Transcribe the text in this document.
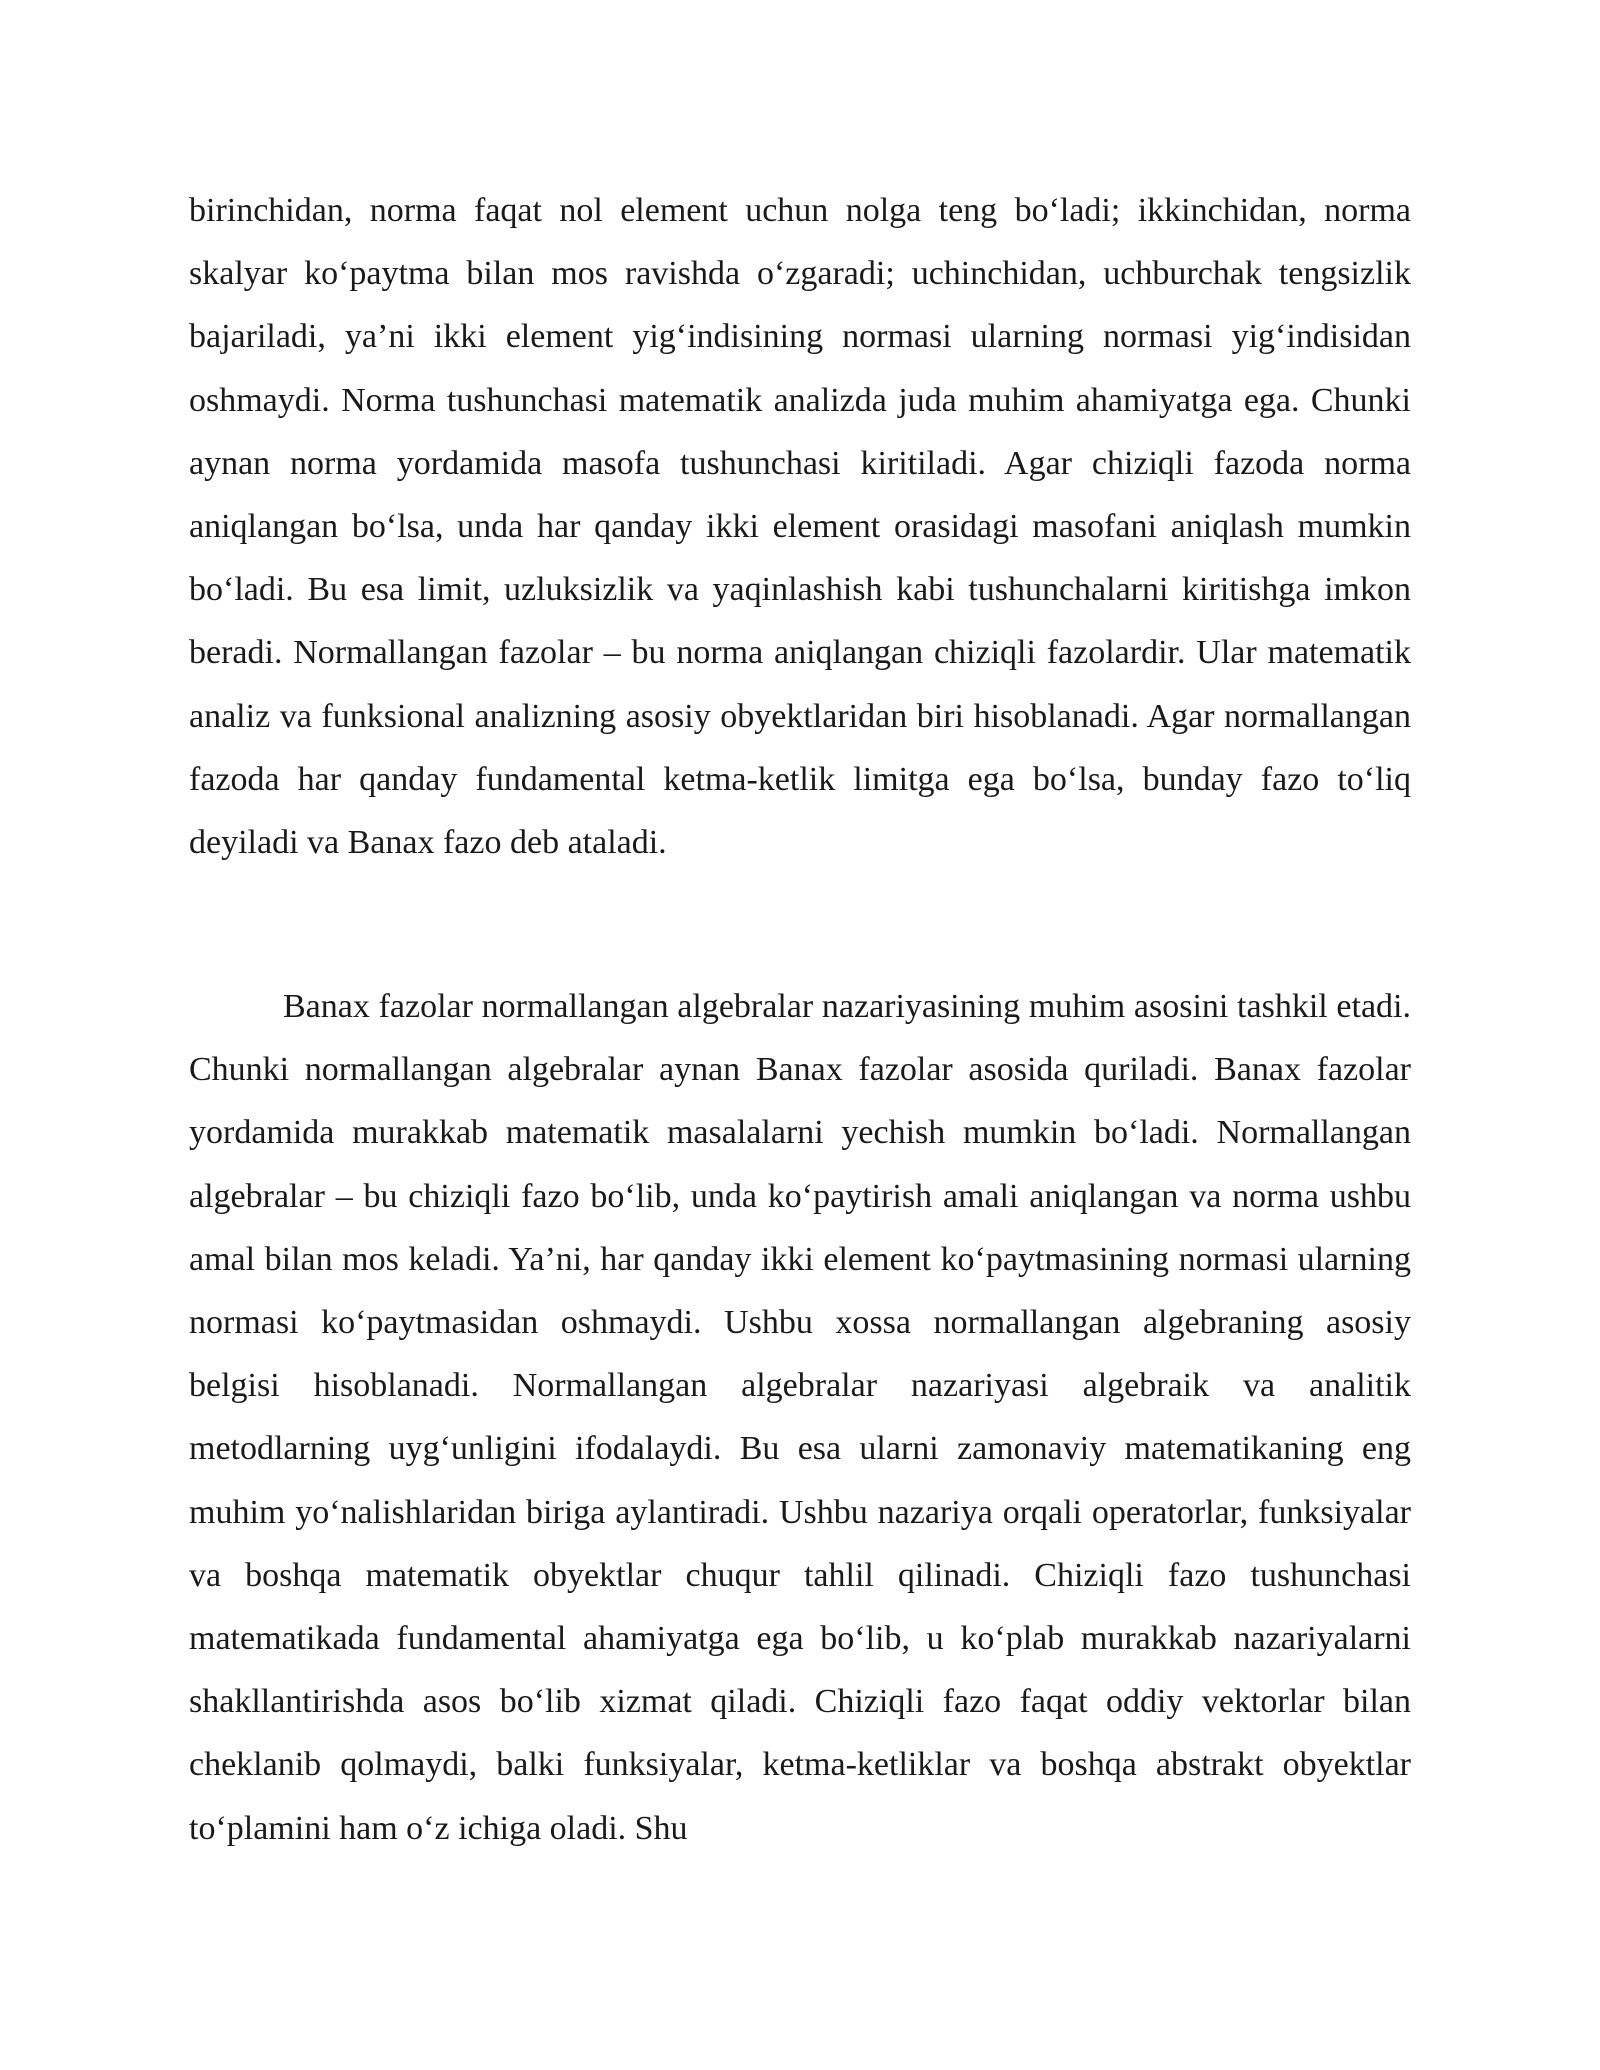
birinchidan, norma faqat nol element uchun nolga teng bo‘ladi; ikkinchidan, norma skalyar ko‘paytma bilan mos ravishda o‘zgaradi; uchinchidan, uchburchak tengsizlik bajariladi, ya’ni ikki element yig‘indisining normasi ularning normasi yig‘indisidan oshmaydi. Norma tushunchasi matematik analizda juda muhim ahamiyatga ega. Chunki aynan norma yordamida masofa tushunchasi kiritiladi. Agar chiziqli fazoda norma aniqlangan bo‘lsa, unda har qanday ikki element orasidagi masofani aniqlash mumkin bo‘ladi. Bu esa limit, uzluksizlik va yaqinlashish kabi tushunchalarni kiritishga imkon beradi. Normallangan fazolar – bu norma aniqlangan chiziqli fazolardir. Ular matematik analiz va funksional analizning asosiy obyektlaridan biri hisoblanadi. Agar normallangan fazoda har qanday fundamental ketma-ketlik limitga ega bo‘lsa, bunday fazo to‘liq deyiladi va Banax fazo deb ataladi.

Banax fazolar normallangan algebralar nazariyasining muhim asosini tashkil etadi. Chunki normallangan algebralar aynan Banax fazolar asosida quriladi. Banax fazolar yordamida murakkab matematik masalalarni yechish mumkin bo‘ladi. Normallangan algebralar – bu chiziqli fazo bo‘lib, unda ko‘paytirish amali aniqlangan va norma ushbu amal bilan mos keladi. Ya’ni, har qanday ikki element ko‘paytmasining normasi ularning normasi ko‘paytmasidan oshmaydi. Ushbu xossa normallangan algebraning asosiy belgisi hisoblanadi. Normallangan algebralar nazariyasi algebraik va analitik metodlarning uyg‘unligini ifodalaydi. Bu esa ularni zamonaviy matematikaning eng muhim yo‘nalishlaridan biriga aylantiradi. Ushbu nazariya orqali operatorlar, funksiyalar va boshqa matematik obyektlar chuqur tahlil qilinadi. Chiziqli fazo tushunchasi matematikada fundamental ahamiyatga ega bo‘lib, u ko‘plab murakkab nazariyalarni shakllantirishda asos bo‘lib xizmat qiladi. Chiziqli fazo faqat oddiy vektorlar bilan cheklanib qolmaydi, balki funksiyalar, ketma-ketliklar va boshqa abstrakt obyektlar to‘plamini ham o‘z ichiga oladi. Shu
